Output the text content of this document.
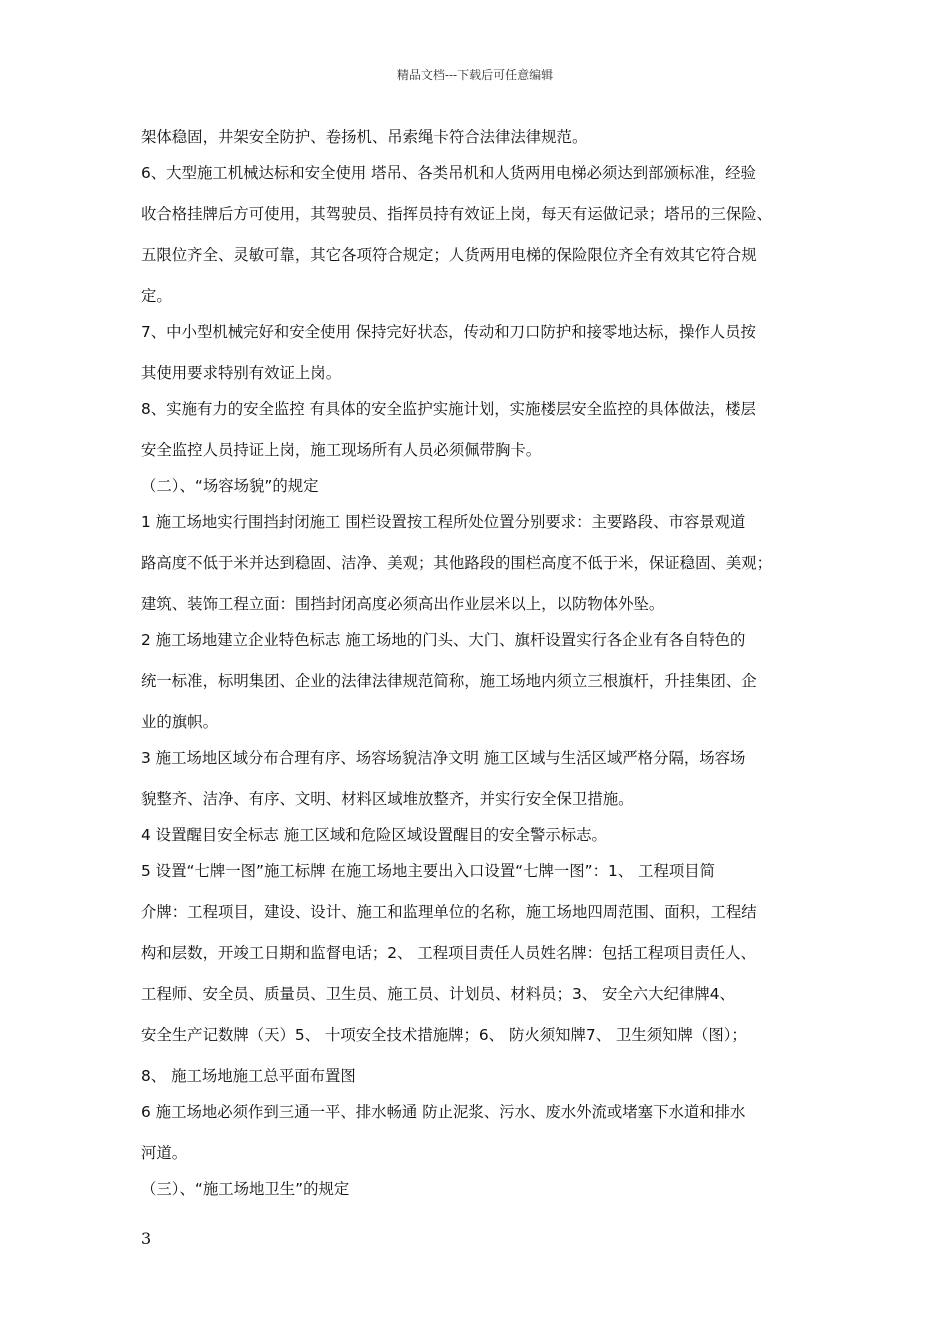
精品文档---下载后可任意编辑
架体稳固，井架安全防护、卷扬机、吊索绳卡符合法律法律规范。
6、大型施工机械达标和安全使用 塔吊、各类吊机和人货两用电梯必须达到部颁标准，经验
收合格挂牌后方可使用，其驾驶员、指挥员持有效证上岗，每天有运做记录；塔吊的三保险、
五限位齐全、灵敏可靠，其它各项符合规定；人货两用电梯的保险限位齐全有效其它符合规
定。
7、中小型机械完好和安全使用 保持完好状态，传动和刀口防护和接零地达标，操作人员按
其使用要求特别有效证上岗。
8、实施有力的安全监控 有具体的安全监护实施计划，实施楼层安全监控的具体做法，楼层
安全监控人员持证上岗，施工现场所有人员必须佩带胸卡。
（二）、“场容场貌”的规定
1 施工场地实行围挡封闭施工 围栏设置按工程所处位置分别要求：主要路段、市容景观道
路高度不低于米并达到稳固、洁净、美观；其他路段的围栏高度不低于米，保证稳固、美观；
建筑、装饰工程立面：围挡封闭高度必须高出作业层米以上，以防物体外坠。
2 施工场地建立企业特色标志 施工场地的门头、大门、旗杆设置实行各企业有各自特色的
统一标准，标明集团、企业的法律法律规范简称，施工场地内须立三根旗杆，升挂集团、企
业的旗帜。
3 施工场地区域分布合理有序、场容场貌洁净文明 施工区域与生活区域严格分隔，场容场
貌整齐、洁净、有序、文明、材料区域堆放整齐，并实行安全保卫措施。
4 设置醒目安全标志 施工区域和危险区域设置醒目的安全警示标志。
5 设置“七牌一图”施工标牌 在施工场地主要出入口设置“七牌一图”：1、 工程项目简
介牌：工程项目，建设、设计、施工和监理单位的名称，施工场地四周范围、面积，工程结
构和层数，开竣工日期和监督电话；2、 工程项目责任人员姓名牌：包括工程项目责任人、
工程师、安全员、质量员、卫生员、施工员、计划员、材料员；3、 安全六大纪律牌4、
安全生产记数牌（天）5、 十项安全技术措施牌；6、 防火须知牌7、 卫生须知牌（图）；
8、 施工场地施工总平面布置图
6 施工场地必须作到三通一平、排水畅通 防止泥浆、污水、废水外流或堵塞下水道和排水
河道。
（三）、“施工场地卫生”的规定
3
